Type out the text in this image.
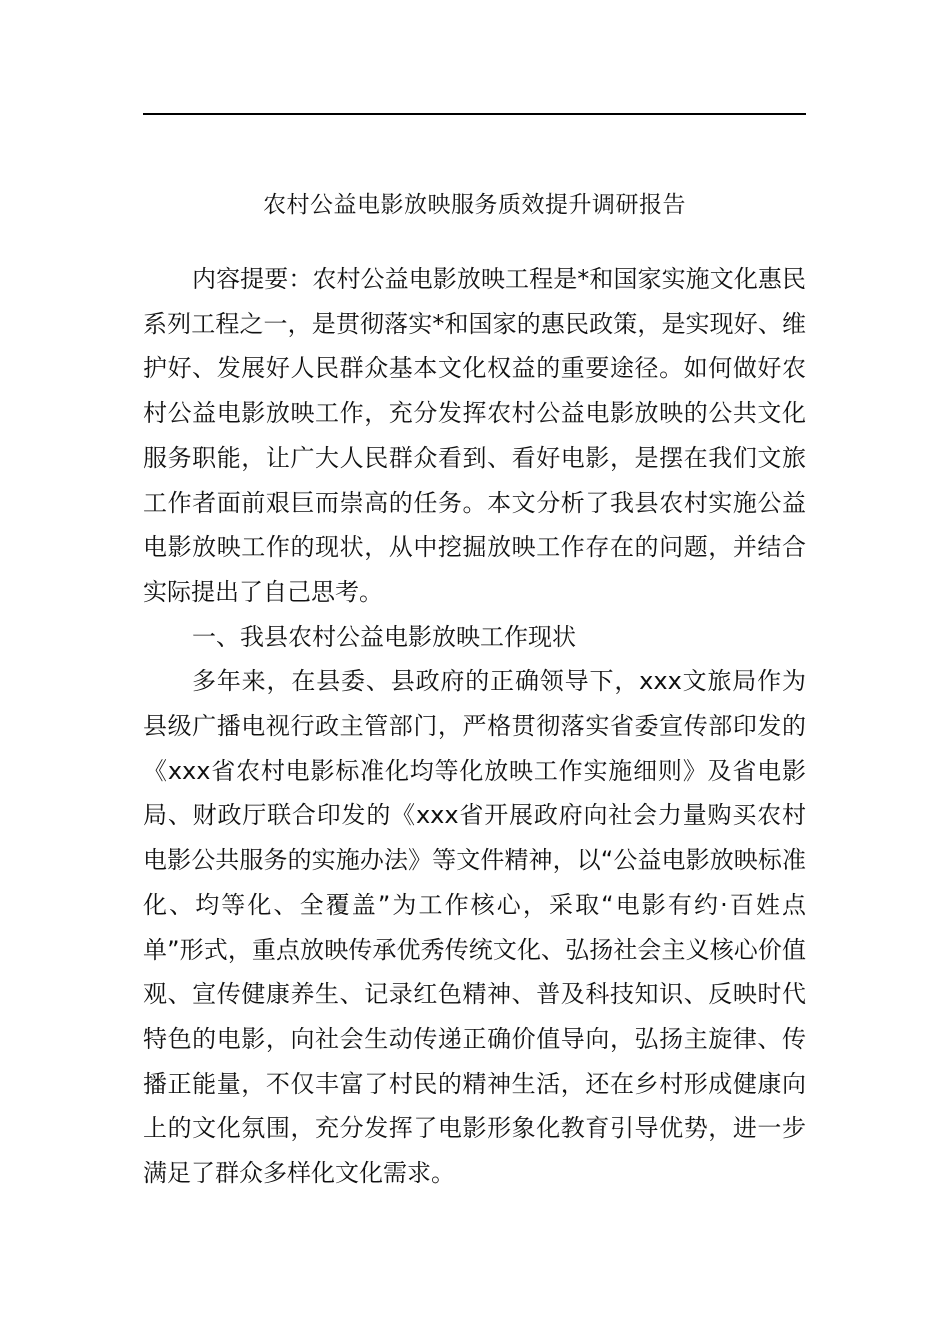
农村公益电影放映服务质效提升调研报告

内容提要：农村公益电影放映工程是*和国家实施文化惠民系列工程之一，是贯彻落实*和国家的惠民政策，是实现好、维护好、发展好人民群众基本文化权益的重要途径。如何做好农村公益电影放映工作，充分发挥农村公益电影放映的公共文化服务职能，让广大人民群众看到、看好电影，是摆在我们文旅工作者面前艰巨而崇高的任务。本文分析了我县农村实施公益电影放映工作的现状，从中挖掘放映工作存在的问题，并结合实际提出了自己思考。

一、我县农村公益电影放映工作现状

多年来，在县委、县政府的正确领导下，xxx文旅局作为县级广播电视行政主管部门，严格贯彻落实省委宣传部印发的《xxx省农村电影标准化均等化放映工作实施细则》及省电影局、财政厅联合印发的《xxx省开展政府向社会力量购买农村电影公共服务的实施办法》等文件精神，以“公益电影放映标准化、均等化、全覆盖”为工作核心，采取“电影有约·百姓点单”形式，重点放映传承优秀传统文化、弘扬社会主义核心价值观、宣传健康养生、记录红色精神、普及科技知识、反映时代特色的电影，向社会生动传递正确价值导向，弘扬主旋律、传播正能量，不仅丰富了村民的精神生活，还在乡村形成健康向上的文化氛围，充分发挥了电影形象化教育引导优势，进一步满足了群众多样化文化需求。
